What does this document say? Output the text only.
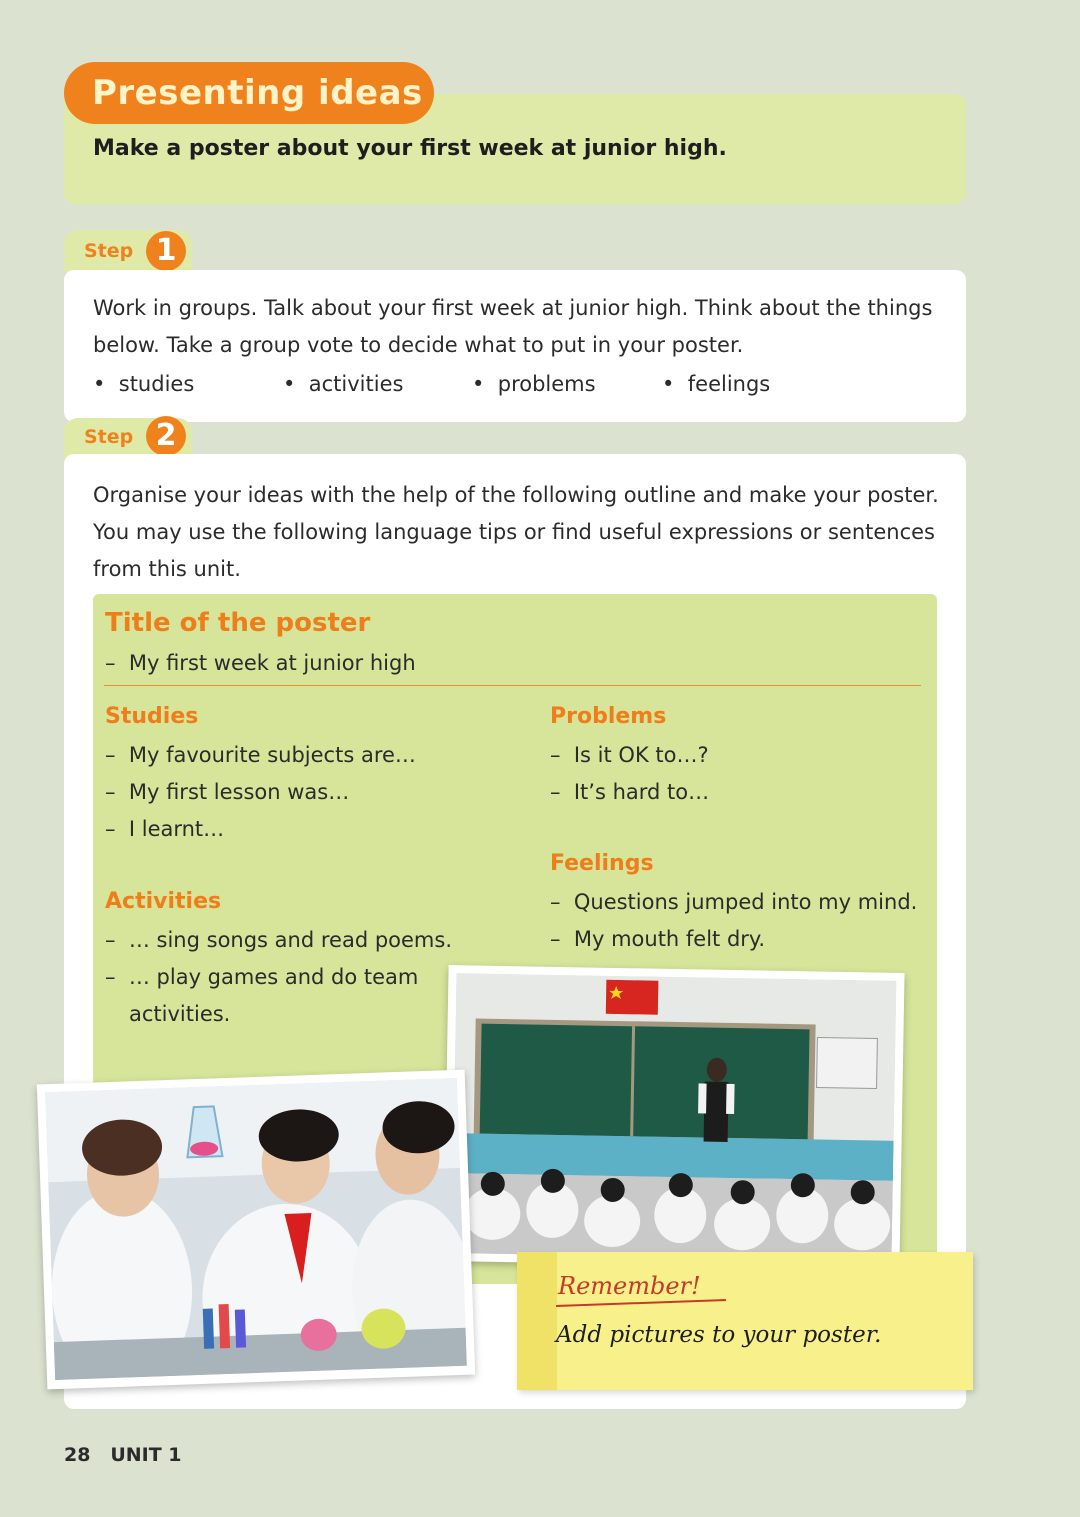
Presenting ideas
Make a poster about your first week at junior high.
Step 1
Work in groups. Talk about your first week at junior high. Think about the things
below. Take a group vote to decide what to put in your poster.
•  studies	•  activities	•  problems	•  feelings
Step 2
Organise your ideas with the help of the following outline and make your poster.
You may use the following language tips or find useful expressions or sentences
from this unit.
Title of the poster
– My first week at junior high
Studies
– My favourite subjects are…
– My first lesson was…
– I learnt…
Activities
– … sing songs and read poems.
– … play games and do team
activities.
Problems
– Is it OK to…?
– It’s hard to…
Feelings
– Questions jumped into my mind.
– My mouth felt dry.
Remember!
Add pictures to your poster.
28 UNIT 1
